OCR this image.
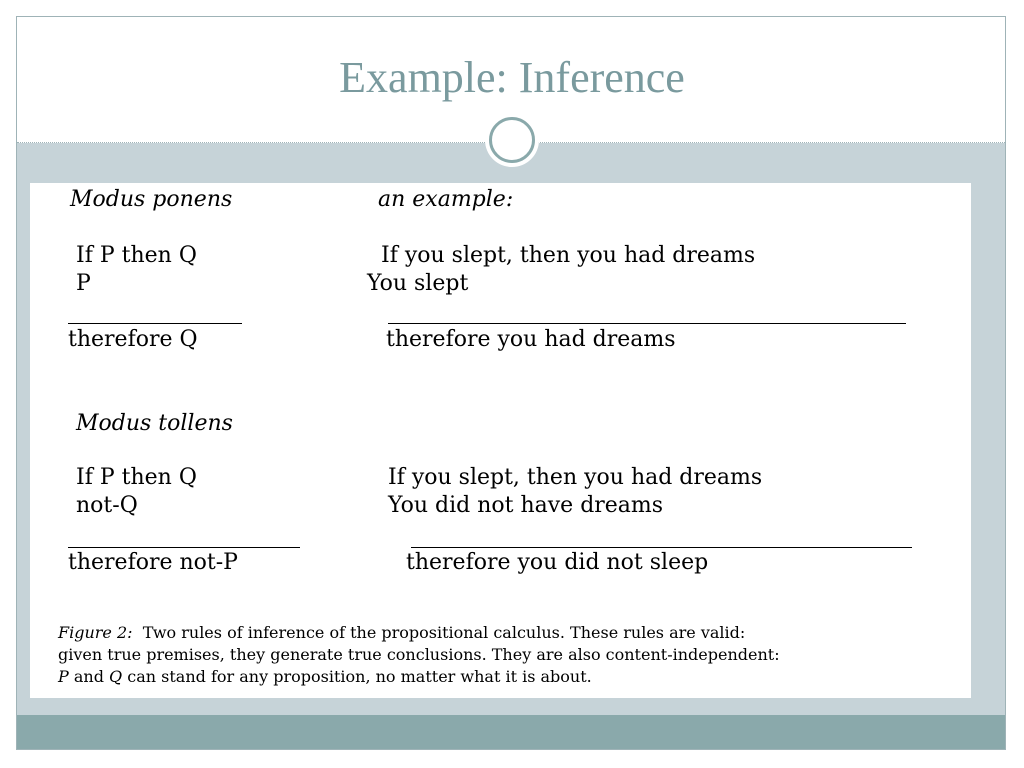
Example: Inference
Modus ponens	an example:
If P then Q
P
therefore Q
If you slept, then you had dreams
You slept
therefore you had dreams
Modus tollens
If P then Q
not-Q
therefore not-P
If you slept, then you had dreams
You did not have dreams
therefore you did not sleep
Figure 2: Two rules of inference of the propositional calculus. These rules are valid:
given true premises, they generate true conclusions. They are also content-independent:
P and Q can stand for any proposition, no matter what it is about.
